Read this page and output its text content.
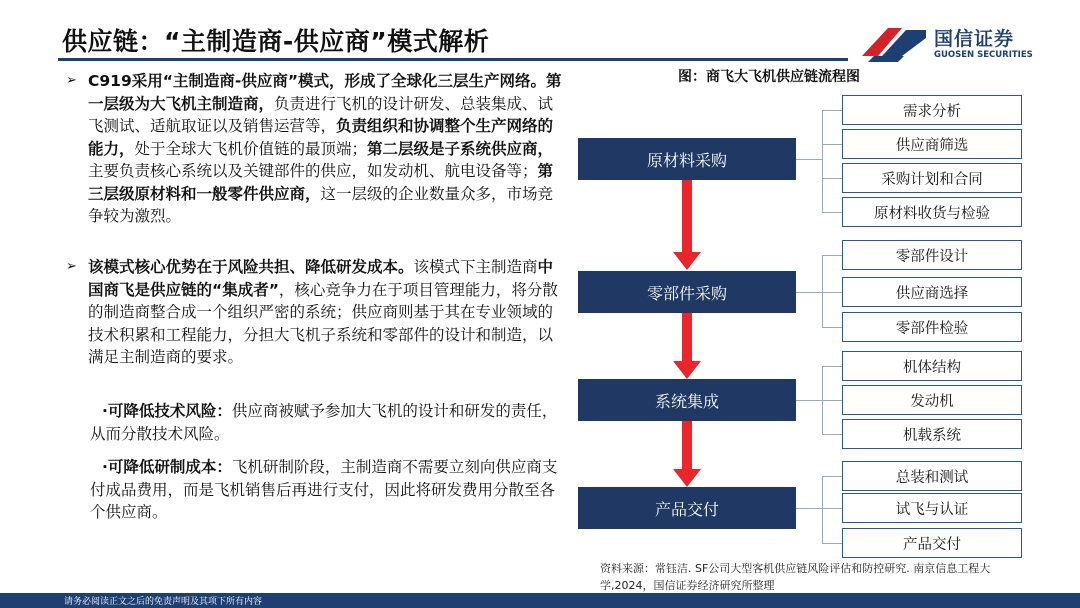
供应链：“主制造商-供应商”模式解析	国信证券
GUOSEN SECURITIES
➢ C919采用“主制造商-供应商”模式，形成了全球化三层生产网络。第一层级为大飞机主制造商，负责进行飞机的设计研发、总装集成、试飞测试、适航取证以及销售运营等，负责组织和协调整个生产网络的能力，处于全球大飞机价值链的最顶端；第二层级是子系统供应商，主要负责核心系统以及关键部件的供应，如发动机、航电设备等；第三层级原材料和一般零件供应商，这一层级的企业数量众多，市场竞争较为激烈。
➢ 该模式核心优势在于风险共担、降低研发成本。该模式下主制造商中国商飞是供应链的“集成者”，核心竞争力在于项目管理能力，将分散的制造商整合成一个组织严密的系统；供应商则基于其在专业领域的技术积累和工程能力，分担大飞机子系统和零部件的设计和制造，以满足主制造商的要求。
·可降低技术风险：供应商被赋予参加大飞机的设计和研发的责任，从而分散技术风险。
·可降低研制成本：飞机研制阶段，主制造商不需要立刻向供应商支付成品费用，而是飞机销售后再进行支付，因此将研发费用分散至各个供应商。
图：商飞大飞机供应链流程图
原材料采购
需求分析
供应商筛选
采购计划和合同
原材料收货与检验
零部件采购
零部件设计
供应商选择
零部件检验
系统集成
机体结构
发动机
机载系统
产品交付
总装和测试
试飞与认证
产品交付
资料来源：常钰洁. SF公司大型客机供应链风险评估和防控研究. 南京信息工程大学,2024，国信证券经济研究所整理
请务必阅读正文之后的免责声明及其项下所有内容
